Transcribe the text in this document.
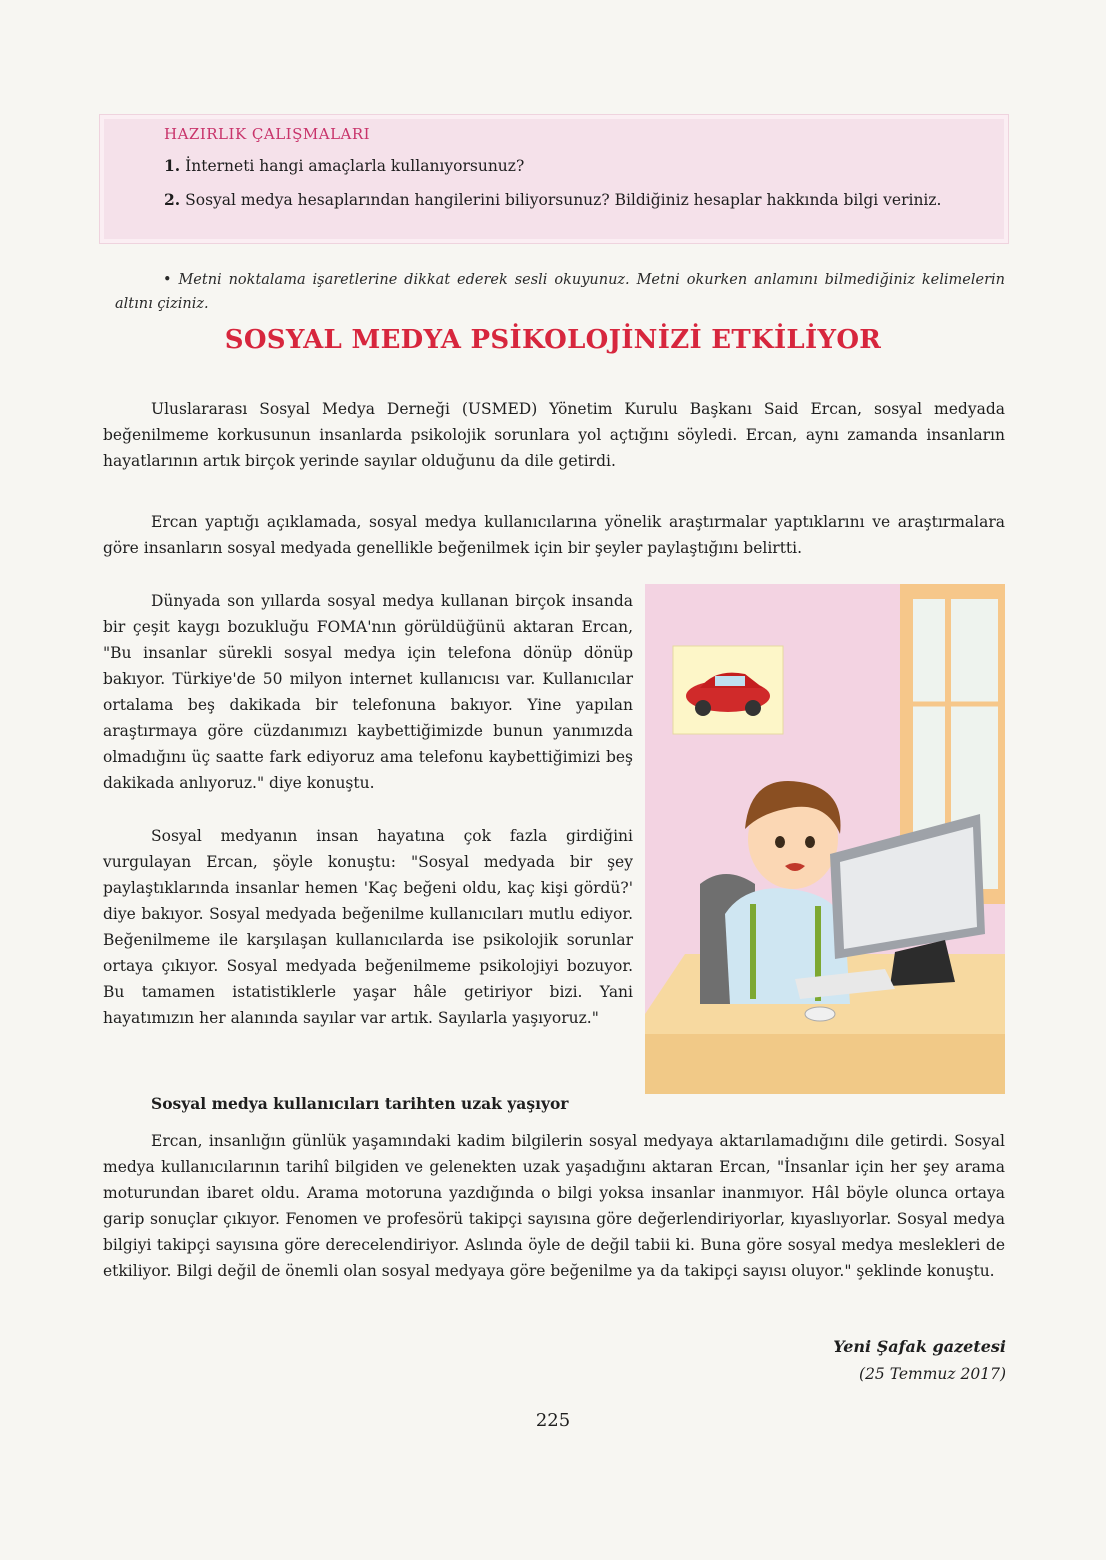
HAZIRLIK ÇALIŞMALARI
1. İnterneti hangi amaçlarla kullanıyorsunuz?
2. Sosyal medya hesaplarından hangilerini biliyorsunuz? Bildiğiniz hesaplar hakkında bilgi veriniz.
• Metni noktalama işaretlerine dikkat ederek sesli okuyunuz. Metni okurken anlamını bilmediğiniz kelimelerin altını çiziniz.
SOSYAL MEDYA PSİKOLOJİNİZİ ETKİLİYOR
Uluslararası Sosyal Medya Derneği (USMED) Yönetim Kurulu Başkanı Said Ercan, sosyal medyada beğenilmeme korkusunun insanlarda psikolojik sorunlara yol açtığını söyledi. Ercan, aynı zamanda insanların hayatlarının artık birçok yerinde sayılar olduğunu da dile getirdi.
Ercan yaptığı açıklamada, sosyal medya kullanıcılarına yönelik araştırmalar yaptıklarını ve araştırmalara göre insanların sosyal medyada genellikle beğenilmek için bir şeyler paylaştığını belirtti.
Dünyada son yıllarda sosyal medya kullanan birçok insanda bir çeşit kaygı bozukluğu FOMA'nın görüldüğünü aktaran Ercan, "Bu insanlar sürekli sosyal medya için telefona dönüp dönüp bakıyor. Türkiye'de 50 milyon internet kullanıcısı var. Kullanıcılar ortalama beş dakikada bir telefonuna bakıyor. Yine yapılan araştırmaya göre cüzdanımızı kaybettiğimizde bunun yanımızda olmadığını üç saatte fark ediyoruz ama telefonu kaybettiğimizi beş dakikada anlıyoruz." diye konuştu.
Sosyal medyanın insan hayatına çok fazla girdiğini vurgulayan Ercan, şöyle konuştu: "Sosyal medyada bir şey paylaştıklarında insanlar hemen 'Kaç beğeni oldu, kaç kişi gördü?' diye bakıyor. Sosyal medyada beğenilme kullanıcıları mutlu ediyor. Beğenilmeme ile karşılaşan kullanıcılarda ise psikolojik sorunlar ortaya çıkıyor. Sosyal medyada beğenilmeme psikolojiyi bozuyor. Bu tamamen istatistiklerle yaşar hâle getiriyor bizi. Yani hayatımızın her alanında sayılar var artık. Sayılarla yaşıyoruz."
Sosyal medya kullanıcıları tarihten uzak yaşıyor
Ercan, insanlığın günlük yaşamındaki kadim bilgilerin sosyal medyaya aktarılamadığını dile getirdi. Sosyal medya kullanıcılarının tarihî bilgiden ve gelenekten uzak yaşadığını aktaran Ercan, "İnsanlar için her şey arama moturundan ibaret oldu. Arama motoruna yazdığında o bilgi yoksa insanlar inanmıyor. Hâl böyle olunca ortaya garip sonuçlar çıkıyor. Fenomen ve profesörü takipçi sayısına göre değerlendiriyorlar, kıyaslıyorlar. Sosyal medya bilgiyi takipçi sayısına göre derecelendiriyor. Aslında öyle de değil tabii ki. Buna göre sosyal medya meslekleri de etkiliyor. Bilgi değil de önemli olan sosyal medyaya göre beğenilme ya da takipçi sayısı oluyor." şeklinde konuştu.
Yeni Şafak gazetesi
(25 Temmuz 2017)
225
